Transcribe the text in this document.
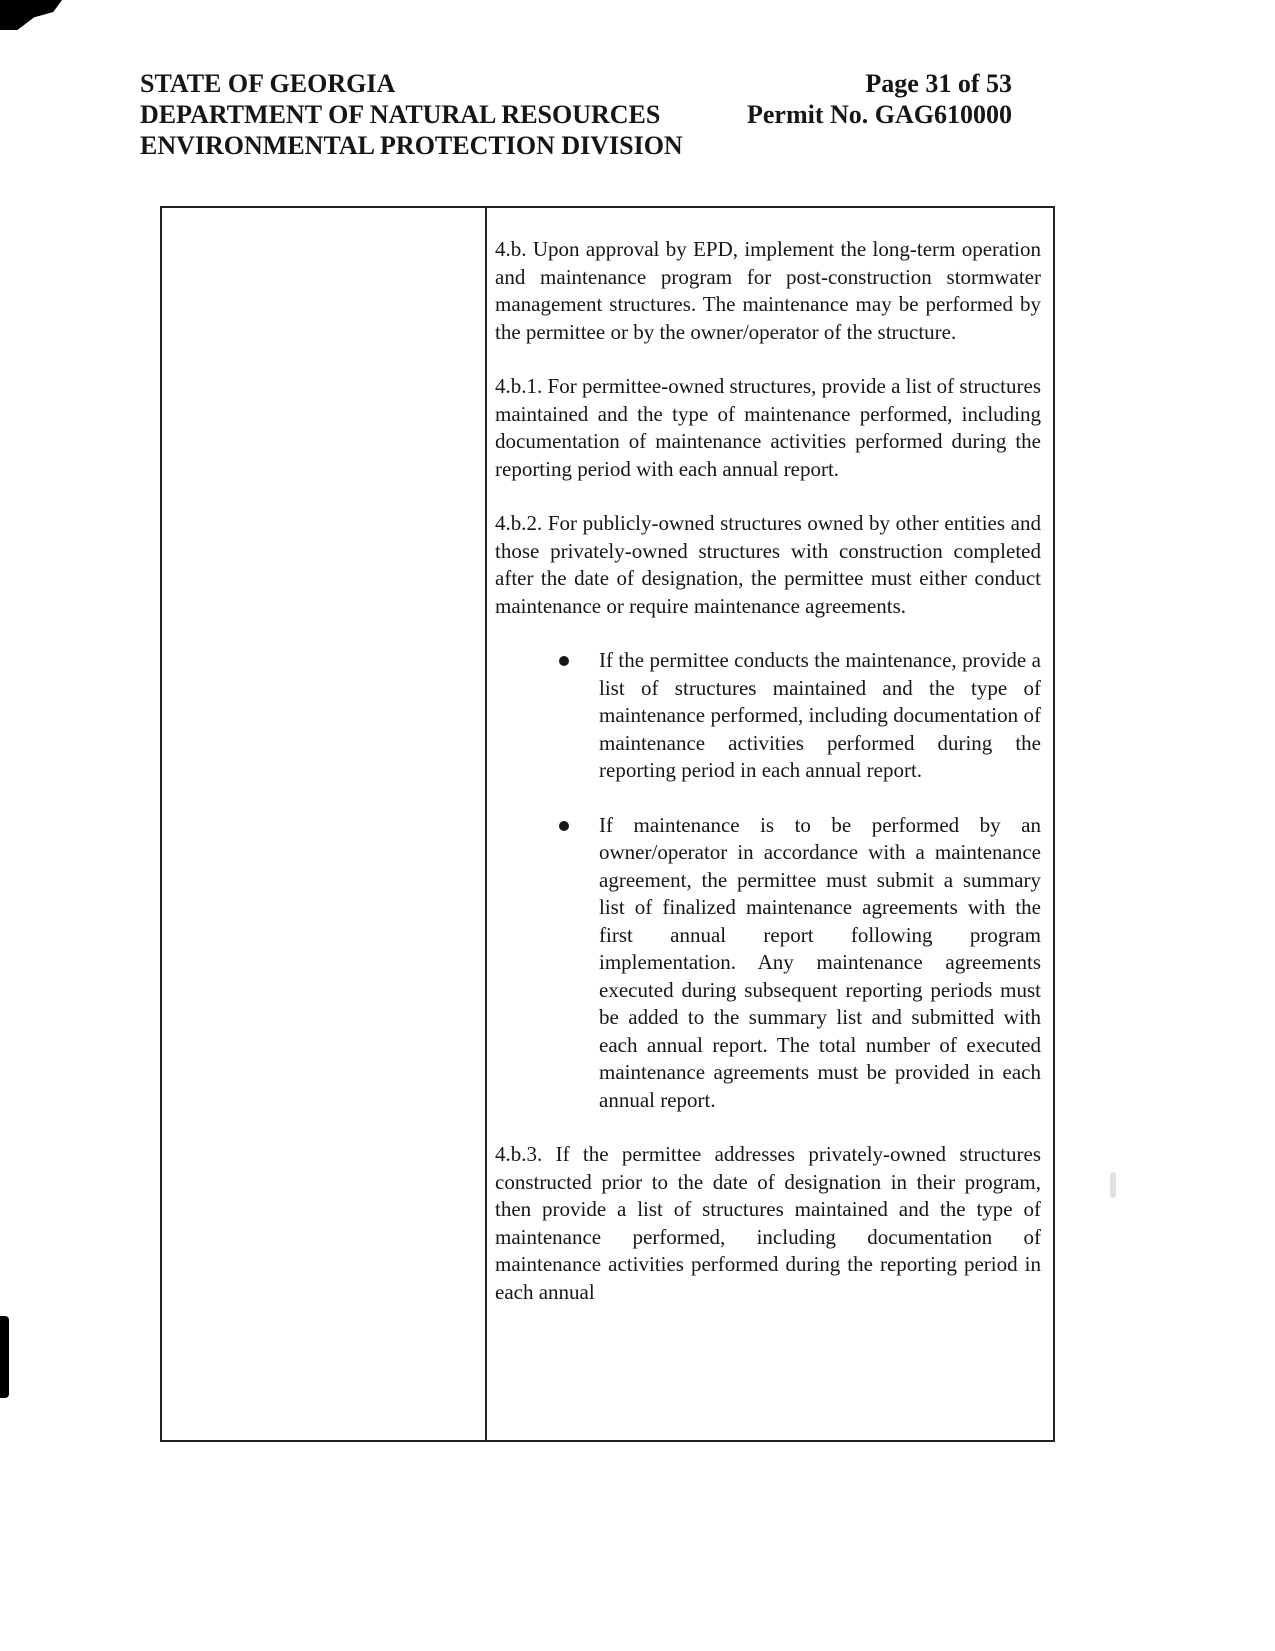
STATE OF GEORGIA
DEPARTMENT OF NATURAL RESOURCES
ENVIRONMENTAL PROTECTION DIVISION
Page 31 of 53
Permit No. GAG610000

4.b. Upon approval by EPD, implement the long-term operation and maintenance program for post-construction stormwater management structures. The maintenance may be performed by the permittee or by the owner/operator of the structure.

4.b.1. For permittee-owned structures, provide a list of structures maintained and the type of maintenance performed, including documentation of maintenance activities performed during the reporting period with each annual report.

4.b.2. For publicly-owned structures owned by other entities and those privately-owned structures with construction completed after the date of designation, the permittee must either conduct maintenance or require maintenance agreements.

If the permittee conducts the maintenance, provide a list of structures maintained and the type of maintenance performed, including documentation of maintenance activities performed during the reporting period in each annual report.
If maintenance is to be performed by an owner/operator in accordance with a maintenance agreement, the permittee must submit a summary list of finalized maintenance agreements with the first annual report following program implementation. Any maintenance agreements executed during subsequent reporting periods must be added to the summary list and submitted with each annual report. The total number of executed maintenance agreements must be provided in each annual report.

4.b.3. If the permittee addresses privately-owned structures constructed prior to the date of designation in their program, then provide a list of structures maintained and the type of maintenance performed, including documentation of maintenance activities performed during the reporting period in each annual
